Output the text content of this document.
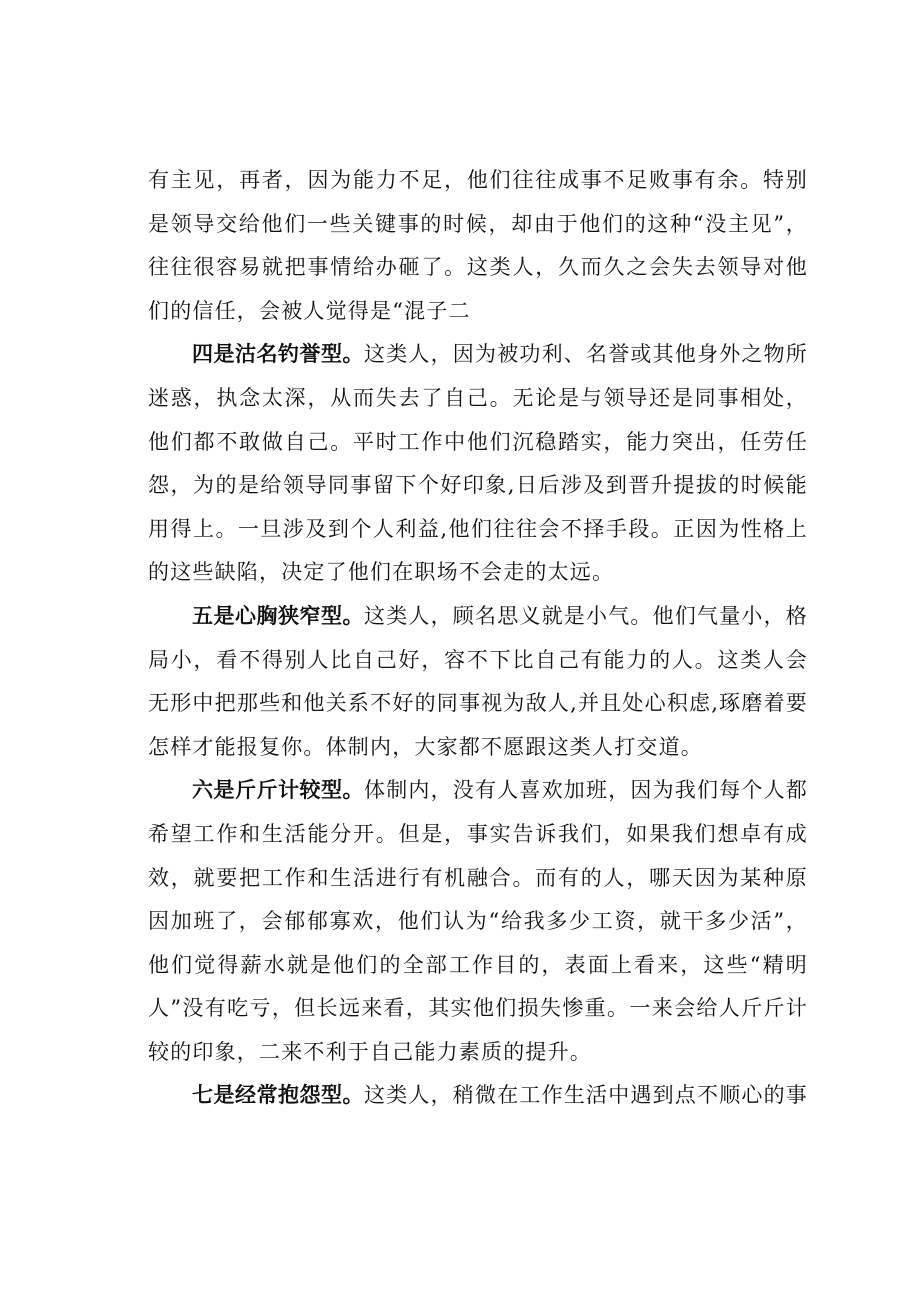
有主见，再者，因为能力不足，他们往往成事不足败事有余。特别是领导交给他们一些关键事的时候，却由于他们的这种“没主见”，往往很容易就把事情给办砸了。这类人，久而久之会失去领导对他们的信任，会被人觉得是“混子二

四是沽名钓誉型。这类人，因为被功利、名誉或其他身外之物所迷惑，执念太深，从而失去了自己。无论是与领导还是同事相处，他们都不敢做自己。平时工作中他们沉稳踏实，能力突出，任劳任怨，为的是给领导同事留下个好印象,日后涉及到晋升提拔的时候能用得上。一旦涉及到个人利益,他们往往会不择手段。正因为性格上的这些缺陷，决定了他们在职场不会走的太远。

五是心胸狭窄型。这类人，顾名思义就是小气。他们气量小，格局小，看不得别人比自己好，容不下比自己有能力的人。这类人会无形中把那些和他关系不好的同事视为敌人,并且处心积虑,琢磨着要怎样才能报复你。体制内，大家都不愿跟这类人打交道。

六是斤斤计较型。体制内，没有人喜欢加班，因为我们每个人都希望工作和生活能分开。但是，事实告诉我们，如果我们想卓有成效，就要把工作和生活进行有机融合。而有的人，哪天因为某种原因加班了，会郁郁寡欢，他们认为“给我多少工资，就干多少活”，他们觉得薪水就是他们的全部工作目的，表面上看来，这些“精明人”没有吃亏，但长远来看，其实他们损失惨重。一来会给人斤斤计较的印象，二来不利于自己能力素质的提升。

七是经常抱怨型。这类人，稍微在工作生活中遇到点不顺心的事
